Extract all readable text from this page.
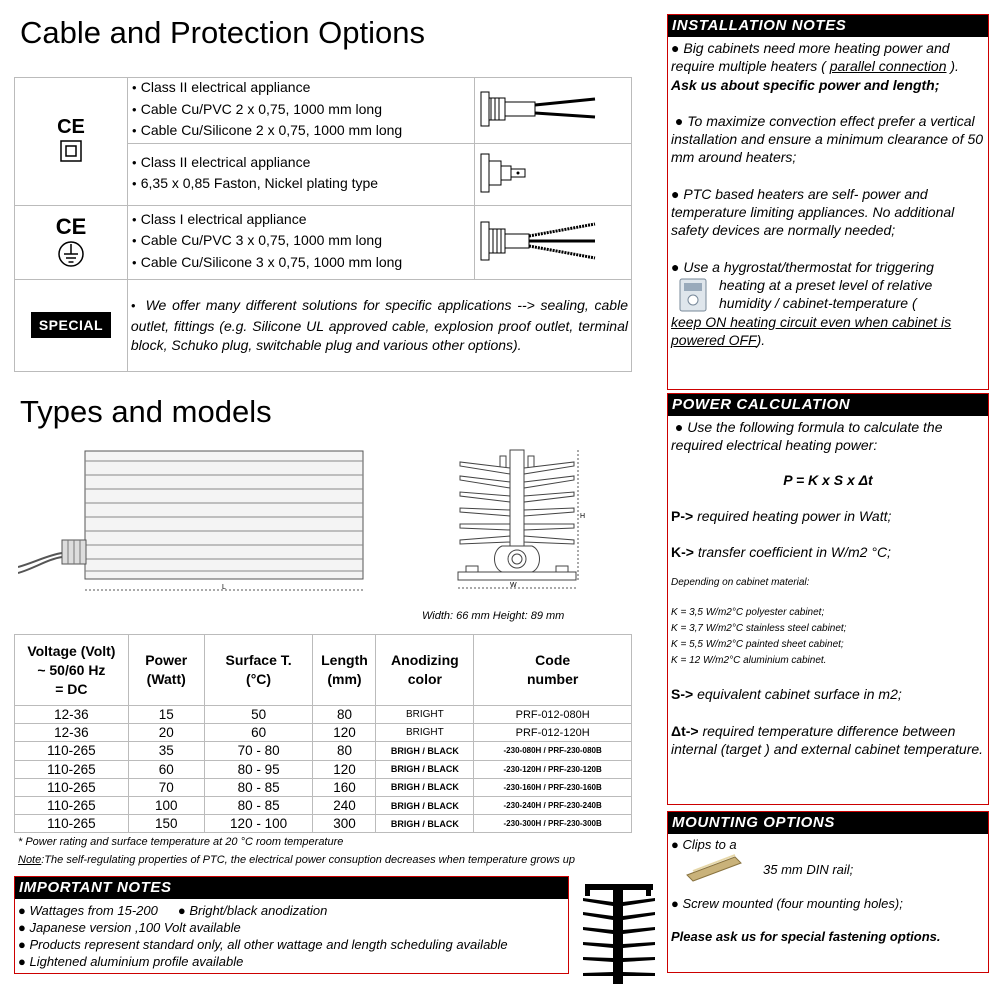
Cable and Protection Options
CE	● Class II electrical appliance
● Cable Cu/PVC 2 x 0,75, 1000 mm long
● Cable Cu/Silicone 2 x 0,75, 1000 mm long

	● Class II electrical appliance
● 6,35 x 0,85 Faston, Nickel plating type

CE	● Class I electrical appliance
● Cable Cu/PVC 3 x 0,75, 1000 mm long
● Cable Cu/Silicone 3 x 0,75, 1000 mm long

SPECIAL	● We offer many different solutions for specific applications --> sealing, cable outlet, fittings (e.g. Silicone UL approved cable, explosion proof outlet, terminal block, Schuko plug, switchable plug and various other options).	
Types and models
L
H
W
Width: 66 mm Height: 89 mm
Voltage (Volt)
~ 50/60 Hz
= DC	Power
(Watt)	Surface T.
(°C)	Length
(mm)	Anodizing
color	Code
number
12-36	15	50	80	BRIGHT	PRF-012-080H
12-36	20	60	120	BRIGHT	PRF-012-120H
110-265	35	70 - 80	80	BRIGH / BLACK	-230-080H / PRF-230-080B
110-265	60	80 - 95	120	BRIGH / BLACK	-230-120H / PRF-230-120B
110-265	70	80 - 85	160	BRIGH / BLACK	-230-160H / PRF-230-160B
110-265	100	80 - 85	240	BRIGH / BLACK	-230-240H / PRF-230-240B
110-265	150	120 - 100	300	BRIGH / BLACK	-230-300H / PRF-230-300B
* Power rating and surface temperature at 20 °C room temperature
Note:The self-regulating properties of PTC, the electrical power consuption decreases when temperature grows up
IMPORTANT NOTES
● Wattages from 15-200 ● Bright/black anodization
● Japanese version ,100 Volt available
● Products represent standard only, all other wattage and length scheduling available
● Lightened aluminium profile available
INSTALLATION NOTES
● Big cabinets need more heating power and require multiple heaters ( parallel connection ).
Ask us about specific power and length;
● To maximize convection effect prefer a vertical installation and ensure a minimum clearance of 50 mm around heaters;
● PTC based heaters are self- power and temperature limiting appliances. No additional safety devices are normally needed;
● Use a hygrostat/thermostat for triggering
heating at a preset level of relative humidity / cabinet-temperature (
keep ON heating circuit even when cabinet is powered OFF).
POWER CALCULATION
● Use the following formula to calculate the required electrical heating power:
P = K x S x Δt
P-> required heating power in Watt;
K-> transfer coefficient in W/m2 °C;
Depending on cabinet material:
K = 3,5 W/m2°C polyester cabinet;
K = 3,7 W/m2°C stainless steel cabinet;
K = 5,5 W/m2°C painted sheet cabinet;
K = 12 W/m2°C aluminium cabinet.
S-> equivalent cabinet surface in m2;
Δt-> required temperature difference between internal (target ) and external cabinet temperature.
MOUNTING OPTIONS
● Clips to a
35 mm DIN rail;
● Screw mounted (four mounting holes);
Please ask us for special fastening options.
